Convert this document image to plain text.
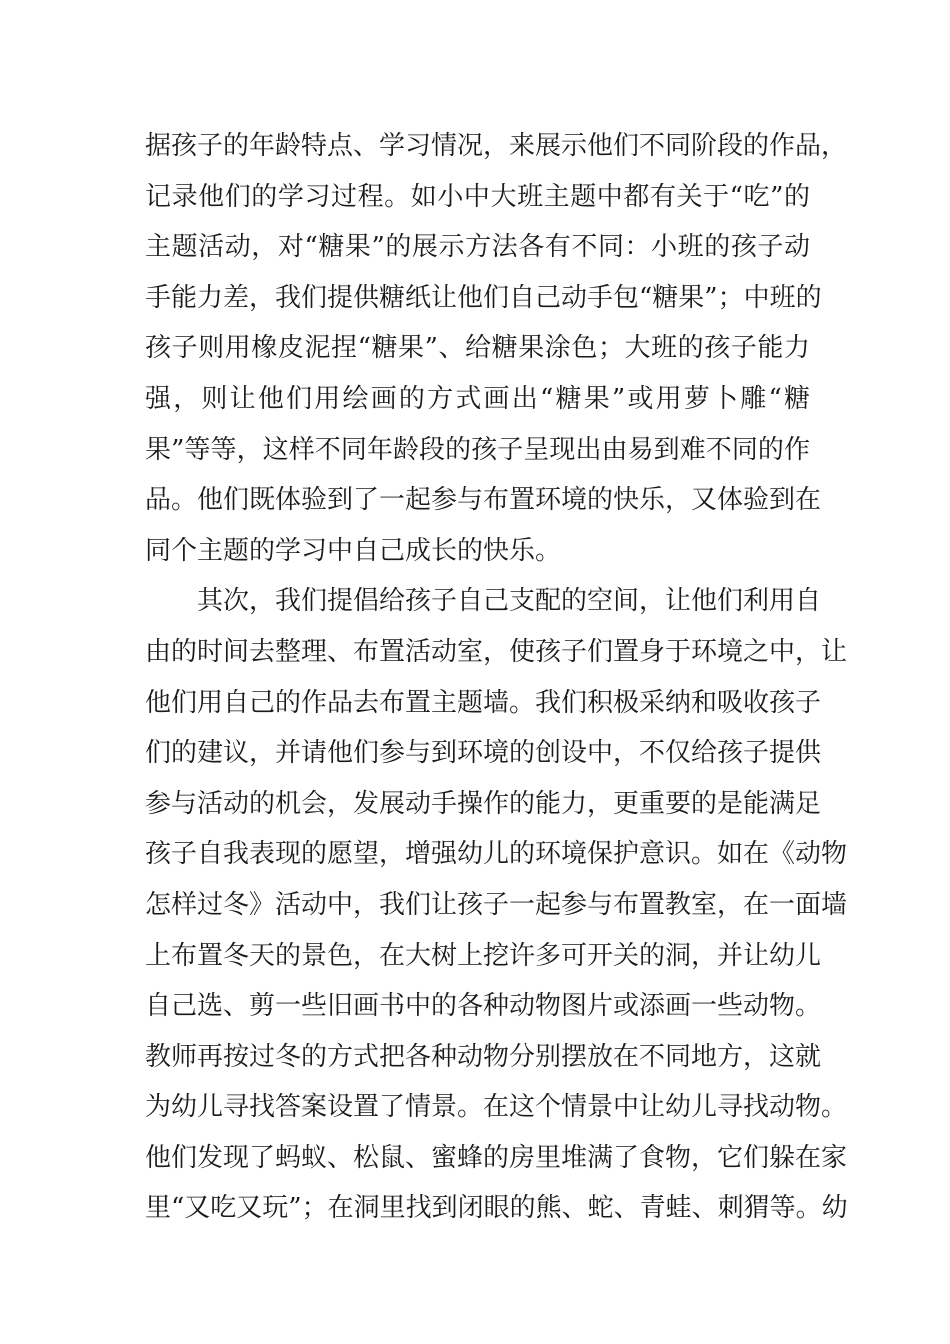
据孩子的年龄特点、学习情况，来展示他们不同阶段的作品，
记录他们的学习过程。如小中大班主题中都有关于“吃”的
主题活动，对“糖果”的展示方法各有不同：小班的孩子动
手能力差，我们提供糖纸让他们自己动手包“糖果”；中班的
孩子则用橡皮泥捏“糖果”、给糖果涂色；大班的孩子能力
强，则让他们用绘画的方式画出“糖果”或用萝卜雕“糖
果”等等，这样不同年龄段的孩子呈现出由易到难不同的作
品。他们既体验到了一起参与布置环境的快乐，又体验到在
同个主题的学习中自己成长的快乐。
其次，我们提倡给孩子自己支配的空间，让他们利用自
由的时间去整理、布置活动室，使孩子们置身于环境之中，让
他们用自己的作品去布置主题墙。我们积极采纳和吸收孩子
们的建议，并请他们参与到环境的创设中，不仅给孩子提供
参与活动的机会，发展动手操作的能力，更重要的是能满足
孩子自我表现的愿望，增强幼儿的环境保护意识。如在《动物
怎样过冬》活动中，我们让孩子一起参与布置教室，在一面墙
上布置冬天的景色，在大树上挖许多可开关的洞，并让幼儿
自己选、剪一些旧画书中的各种动物图片或添画一些动物。
教师再按过冬的方式把各种动物分别摆放在不同地方，这就
为幼儿寻找答案设置了情景。在这个情景中让幼儿寻找动物。
他们发现了蚂蚁、松鼠、蜜蜂的房里堆满了食物，它们躲在家
里“又吃又玩”；在洞里找到闭眼的熊、蛇、青蛙、刺猬等。幼
